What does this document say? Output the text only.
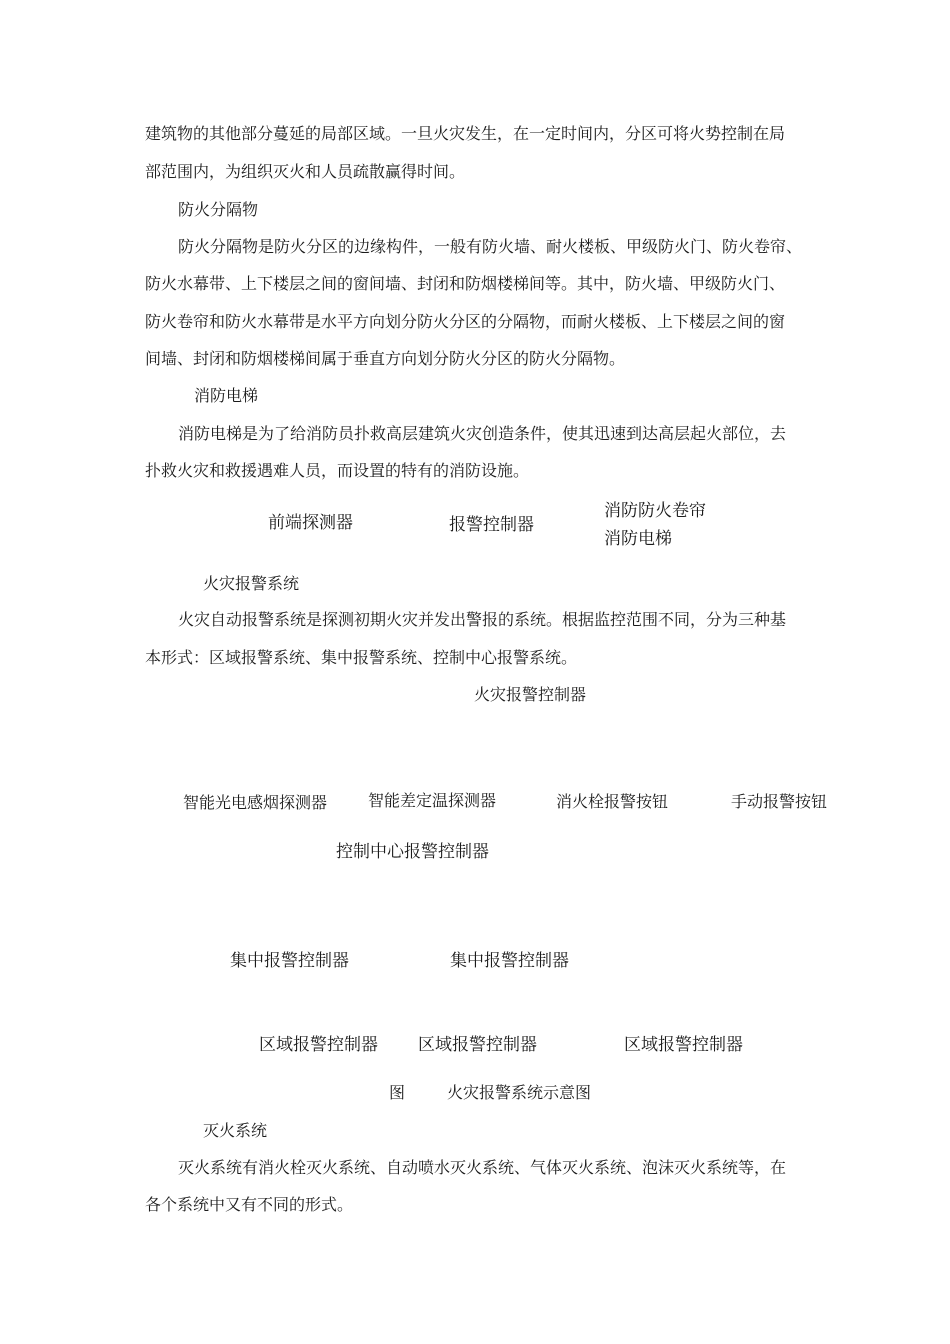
建筑物的其他部分蔓延的局部区域。一旦火灾发生，在一定时间内，分区可将火势控制在局

部范围内，为组织灭火和人员疏散赢得时间。

防火分隔物

防火分隔物是防火分区的边缘构件，一般有防火墙、耐火楼板、甲级防火门、防火卷帘、

防火水幕带、上下楼层之间的窗间墙、封闭和防烟楼梯间等。其中，防火墙、甲级防火门、

防火卷帘和防火水幕带是水平方向划分防火分区的分隔物，而耐火楼板、上下楼层之间的窗

间墙、封闭和防烟楼梯间属于垂直方向划分防火分区的防火分隔物。

消防电梯

消防电梯是为了给消防员扑救高层建筑火灾创造条件，使其迅速到达高层起火部位，去

扑救火灾和救援遇难人员，而设置的特有的消防设施。

前端探测器	报警控制器

消防防火卷帘

消防电梯

火灾报警系统

火灾自动报警系统是探测初期火灾并发出警报的系统。根据监控范围不同，分为三种基

本形式：区域报警系统、集中报警系统、控制中心报警系统。

火灾报警控制器

智能光电感烟探测器	智能差定温探测器	消火栓报警按钮	手动报警按钮

控制中心报警控制器

集中报警控制器	集中报警控制器

区域报警控制器 区域报警控制器	区域报警控制器

图	火灾报警系统示意图

灭火系统

灭火系统有消火栓灭火系统、自动喷水灭火系统、气体灭火系统、泡沫灭火系统等，在

各个系统中又有不同的形式。
